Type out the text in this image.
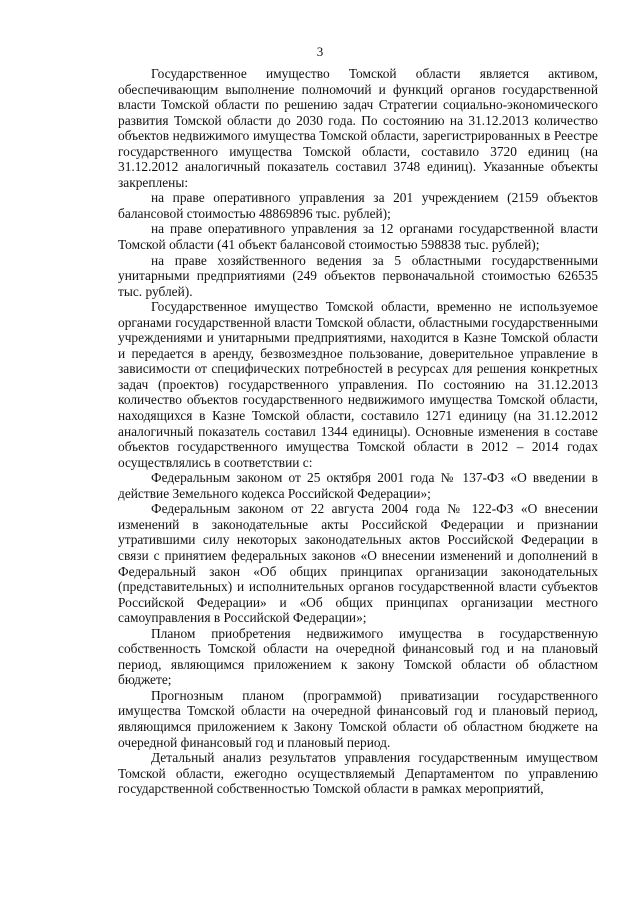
3

Государственное имущество Томской области является активом, обеспечивающим выполнение полномочий и функций органов государственной власти Томской области по решению задач Стратегии социально-экономического развития Томской области до 2030 года. По состоянию на 31.12.2013 количество объектов недвижимого имущества Томской области, зарегистрированных в Реестре государственного имущества Томской области, составило 3720 единиц (на 31.12.2012 аналогичный показатель составил 3748 единиц). Указанные объекты закреплены:

на праве оперативного управления за 201 учреждением (2159 объектов балансовой стоимостью 48869896 тыс. рублей);

на праве оперативного управления за 12 органами государственной власти Томской области (41 объект балансовой стоимостью 598838 тыс. рублей);

на праве хозяйственного ведения за 5 областными государственными унитарными предприятиями (249 объектов первоначальной стоимостью 626535 тыс. рублей).

Государственное имущество Томской области, временно не используемое органами государственной власти Томской области, областными государственными учреждениями и унитарными предприятиями, находится в Казне Томской области и передается в аренду, безвозмездное пользование, доверительное управление в зависимости от специфических потребностей в ресурсах для решения конкретных задач (проектов) государственного управления. По состоянию на 31.12.2013 количество объектов государственного недвижимого имущества Томской области, находящихся в Казне Томской области, составило 1271 единицу (на 31.12.2012 аналогичный показатель составил 1344 единицы). Основные изменения в составе объектов государственного имущества Томской области в 2012 – 2014 годах осуществлялись в соответствии с:

Федеральным законом от 25 октября 2001 года № 137-ФЗ «О введении в действие Земельного кодекса Российской Федерации»;

Федеральным законом от 22 августа 2004 года № 122-ФЗ «О внесении изменений в законодательные акты Российской Федерации и признании утратившими силу некоторых законодательных актов Российской Федерации в связи с принятием федеральных законов «О внесении изменений и дополнений в Федеральный закон «Об общих принципах организации законодательных (представительных) и исполнительных органов государственной власти субъектов Российской Федерации» и «Об общих принципах организации местного самоуправления в Российской Федерации»;

Планом приобретения недвижимого имущества в государственную собственность Томской области на очередной финансовый год и на плановый период, являющимся приложением к закону Томской области об областном бюджете;

Прогнозным планом (программой) приватизации государственного имущества Томской области на очередной финансовый год и плановый период, являющимся приложением к Закону Томской области об областном бюджете на очередной финансовый год и плановый период.

Детальный анализ результатов управления государственным имуществом Томской области, ежегодно осуществляемый Департаментом по управлению государственной собственностью Томской области в рамках мероприятий,
